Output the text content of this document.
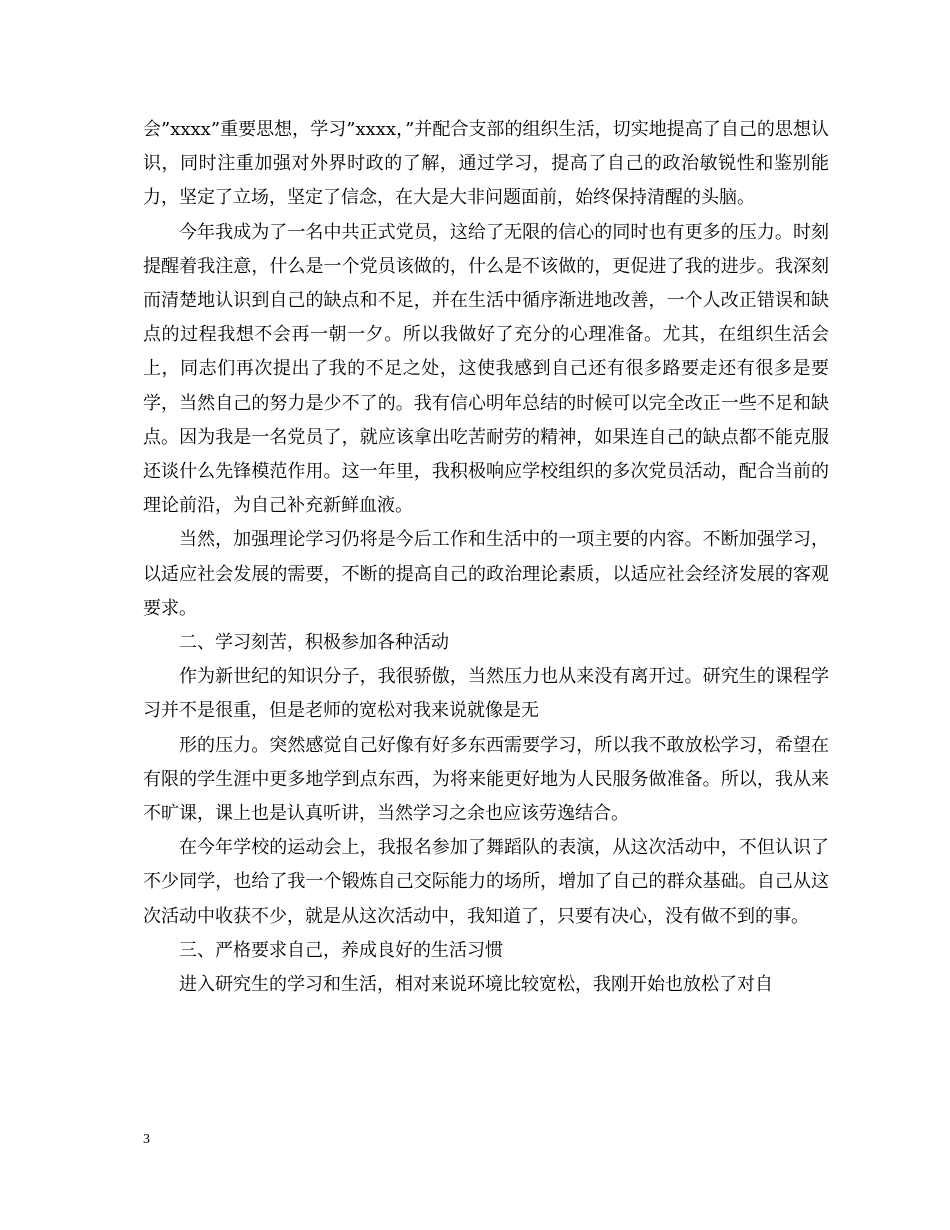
会”xxxx”重要思想，学习”xxxx，”并配合支部的组织生活，切实地提高了自己的思想认识，同时注重加强对外界时政的了解，通过学习，提高了自己的政治敏锐性和鉴别能力，坚定了立场，坚定了信念，在大是大非问题面前，始终保持清醒的头脑。

今年我成为了一名中共正式党员，这给了无限的信心的同时也有更多的压力。时刻提醒着我注意，什么是一个党员该做的，什么是不该做的，更促进了我的进步。我深刻而清楚地认识到自己的缺点和不足，并在生活中循序渐进地改善，一个人改正错误和缺点的过程我想不会再一朝一夕。所以我做好了充分的心理准备。尤其，在组织生活会上，同志们再次提出了我的不足之处，这使我感到自己还有很多路要走还有很多是要学，当然自己的努力是少不了的。我有信心明年总结的时候可以完全改正一些不足和缺点。因为我是一名党员了，就应该拿出吃苦耐劳的精神，如果连自己的缺点都不能克服还谈什么先锋模范作用。这一年里，我积极响应学校组织的多次党员活动，配合当前的理论前沿，为自己补充新鲜血液。

当然，加强理论学习仍将是今后工作和生活中的一项主要的内容。不断加强学习，以适应社会发展的需要，不断的提高自己的政治理论素质，以适应社会经济发展的客观要求。

二、学习刻苦，积极参加各种活动

作为新世纪的知识分子，我很骄傲，当然压力也从来没有离开过。研究生的课程学习并不是很重，但是老师的宽松对我来说就像是无

形的压力。突然感觉自己好像有好多东西需要学习，所以我不敢放松学习，希望在有限的学生涯中更多地学到点东西，为将来能更好地为人民服务做准备。所以，我从来不旷课，课上也是认真听讲，当然学习之余也应该劳逸结合。

在今年学校的运动会上，我报名参加了舞蹈队的表演，从这次活动中，不但认识了不少同学，也给了我一个锻炼自己交际能力的场所，增加了自己的群众基础。自己从这次活动中收获不少，就是从这次活动中，我知道了，只要有决心，没有做不到的事。

三、严格要求自己，养成良好的生活习惯

进入研究生的学习和生活，相对来说环境比较宽松，我刚开始也放松了对自

3
